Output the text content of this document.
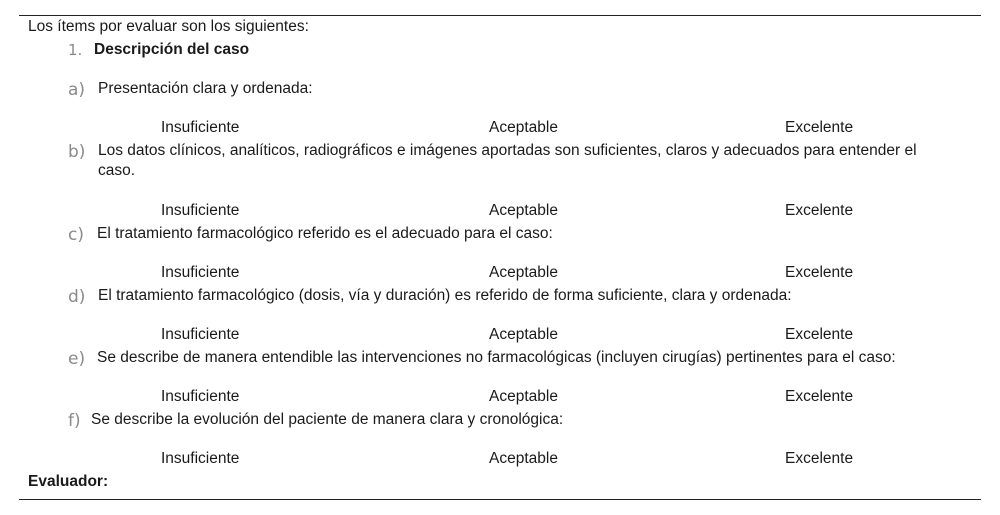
Los ítems por evaluar son los siguientes:
1. Descripción del caso
a) Presentación clara y ordenada:
Insuficiente	Aceptable	Excelente
b) Los datos clínicos, analíticos, radiográficos e imágenes aportadas son suficientes, claros y adecuados para entender el caso.
Insuficiente	Aceptable	Excelente
c) El tratamiento farmacológico referido es el adecuado para el caso:
Insuficiente	Aceptable	Excelente
d) El tratamiento farmacológico (dosis, vía y duración) es referido de forma suficiente, clara y ordenada:
Insuficiente	Aceptable	Excelente
e) Se describe de manera entendible las intervenciones no farmacológicas (incluyen cirugías) pertinentes para el caso:
Insuficiente	Aceptable	Excelente
f) Se describe la evolución del paciente de manera clara y cronológica:
Insuficiente	Aceptable	Excelente
Evaluador:
